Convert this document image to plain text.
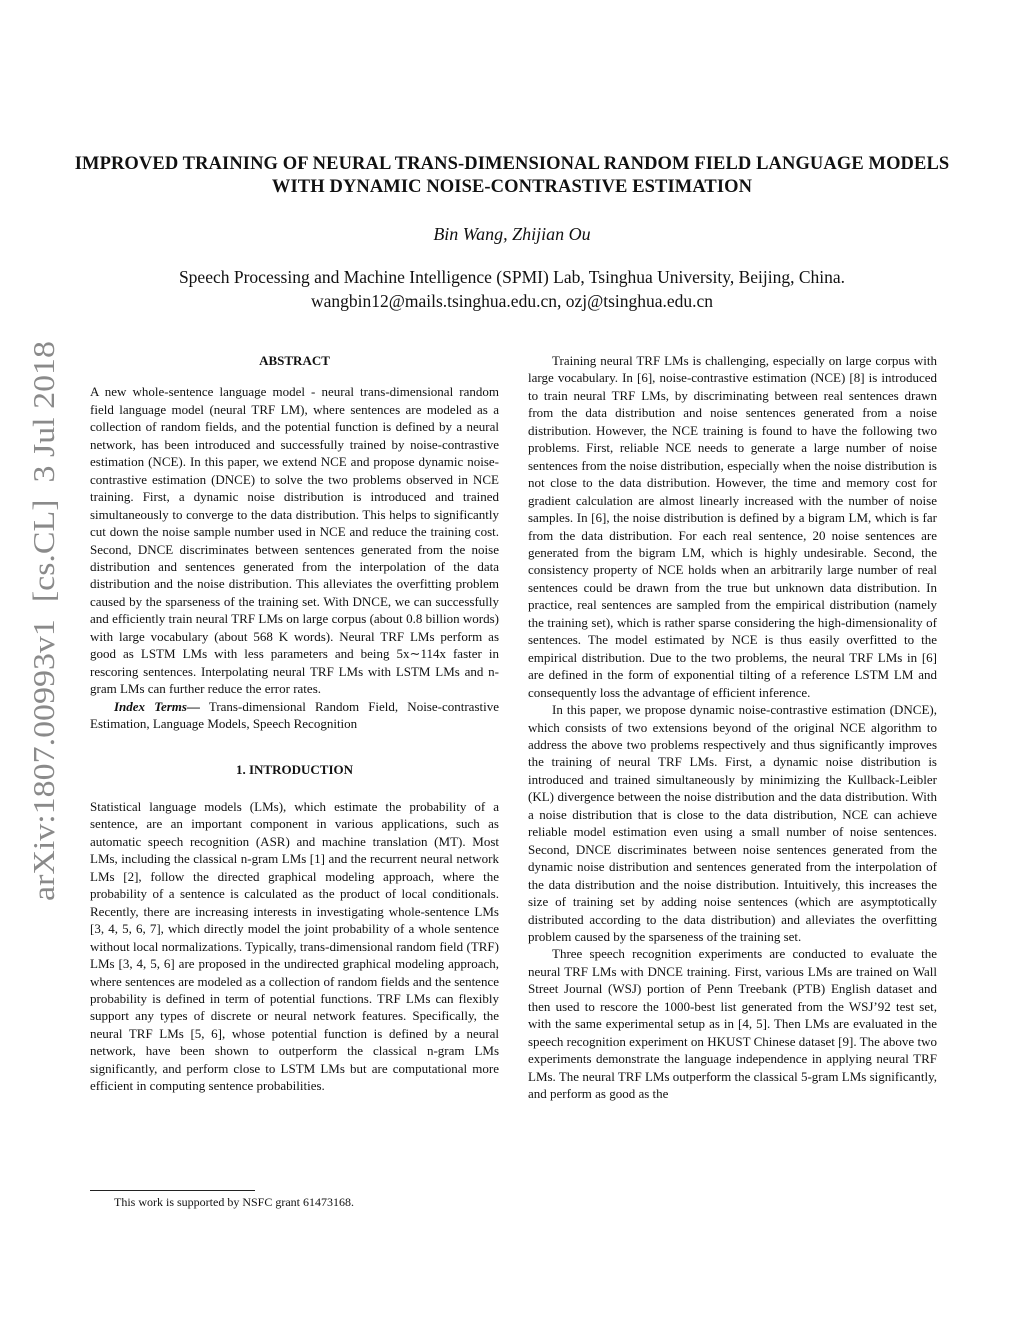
IMPROVED TRAINING OF NEURAL TRANS-DIMENSIONAL RANDOM FIELD LANGUAGE MODELS WITH DYNAMIC NOISE-CONTRASTIVE ESTIMATION
Bin Wang, Zhijian Ou
Speech Processing and Machine Intelligence (SPMI) Lab, Tsinghua University, Beijing, China.
wangbin12@mails.tsinghua.edu.cn, ozj@tsinghua.edu.cn
arXiv:1807.00993v1  [cs.CL]  3 Jul 2018
ABSTRACT

A new whole-sentence language model - neural trans-dimensional random field language model (neural TRF LM), where sentences are modeled as a collection of random fields, and the potential function is defined by a neural network, has been introduced and successfully trained by noise-contrastive estimation (NCE). In this paper, we extend NCE and propose dynamic noise-contrastive estimation (DNCE) to solve the two problems observed in NCE training. First, a dynamic noise distribution is introduced and trained simultaneously to converge to the data distribution. This helps to significantly cut down the noise sample number used in NCE and reduce the training cost. Second, DNCE discriminates between sentences generated from the noise distribution and sentences generated from the interpolation of the data distribution and the noise distribution. This alleviates the overfitting problem caused by the sparseness of the training set. With DNCE, we can successfully and efficiently train neural TRF LMs on large corpus (about 0.8 billion words) with large vocabulary (about 568 K words). Neural TRF LMs perform as good as LSTM LMs with less parameters and being 5x∼114x faster in rescoring sentences. Interpolating neural TRF LMs with LSTM LMs and n-gram LMs can further reduce the error rates.

Index Terms— Trans-dimensional Random Field, Noise-contrastive Estimation, Language Models, Speech Recognition

1. INTRODUCTION

Statistical language models (LMs), which estimate the probability of a sentence, are an important component in various applications, such as automatic speech recognition (ASR) and machine translation (MT). Most LMs, including the classical n-gram LMs [1] and the recurrent neural network LMs [2], follow the directed graphical modeling approach, where the probability of a sentence is calculated as the product of local conditionals. Recently, there are increasing interests in investigating whole-sentence LMs [3, 4, 5, 6, 7], which directly model the joint probability of a whole sentence without local normalizations. Typically, trans-dimensional random field (TRF) LMs [3, 4, 5, 6] are proposed in the undirected graphical modeling approach, where sentences are modeled as a collection of random fields and the sentence probability is defined in term of potential functions. TRF LMs can flexibly support any types of discrete or neural network features. Specifically, the neural TRF LMs [5, 6], whose potential function is defined by a neural network, have been shown to outperform the classical n-gram LMs significantly, and perform close to LSTM LMs but are computational more efficient in computing sentence probabilities.

Training neural TRF LMs is challenging, especially on large corpus with large vocabulary. In [6], noise-contrastive estimation (NCE) [8] is introduced to train neural TRF LMs, by discriminating between real sentences drawn from the data distribution and noise sentences generated from a noise distribution. However, the NCE training is found to have the following two problems. First, reliable NCE needs to generate a large number of noise sentences from the noise distribution, especially when the noise distribution is not close to the data distribution. However, the time and memory cost for gradient calculation are almost linearly increased with the number of noise samples. In [6], the noise distribution is defined by a bigram LM, which is far from the data distribution. For each real sentence, 20 noise sentences are generated from the bigram LM, which is highly undesirable. Second, the consistency property of NCE holds when an arbitrarily large number of real sentences could be drawn from the true but unknown data distribution. In practice, real sentences are sampled from the empirical distribution (namely the training set), which is rather sparse considering the high-dimensionality of sentences. The model estimated by NCE is thus easily overfitted to the empirical distribution. Due to the two problems, the neural TRF LMs in [6] are defined in the form of exponential tilting of a reference LSTM LM and consequently loss the advantage of efficient inference.

In this paper, we propose dynamic noise-contrastive estimation (DNCE), which consists of two extensions beyond of the original NCE algorithm to address the above two problems respectively and thus significantly improves the training of neural TRF LMs. First, a dynamic noise distribution is introduced and trained simultaneously by minimizing the Kullback-Leibler (KL) divergence between the noise distribution and the data distribution. With a noise distribution that is close to the data distribution, NCE can achieve reliable model estimation even using a small number of noise sentences. Second, DNCE discriminates between noise sentences generated from the dynamic noise distribution and sentences generated from the interpolation of the data distribution and the noise distribution. Intuitively, this increases the size of training set by adding noise sentences (which are asymptotically distributed according to the data distribution) and alleviates the overfitting problem caused by the sparseness of the training set.

Three speech recognition experiments are conducted to evaluate the neural TRF LMs with DNCE training. First, various LMs are trained on Wall Street Journal (WSJ) portion of Penn Treebank (PTB) English dataset and then used to rescore the 1000-best list generated from the WSJ’92 test set, with the same experimental setup as in [4, 5]. Then LMs are evaluated in the speech recognition experiment on HKUST Chinese dataset [9]. The above two experiments demonstrate the language independence in applying neural TRF LMs. The neural TRF LMs outperform the classical 5-gram LMs significantly, and perform as good as the

This work is supported by NSFC grant 61473168.
